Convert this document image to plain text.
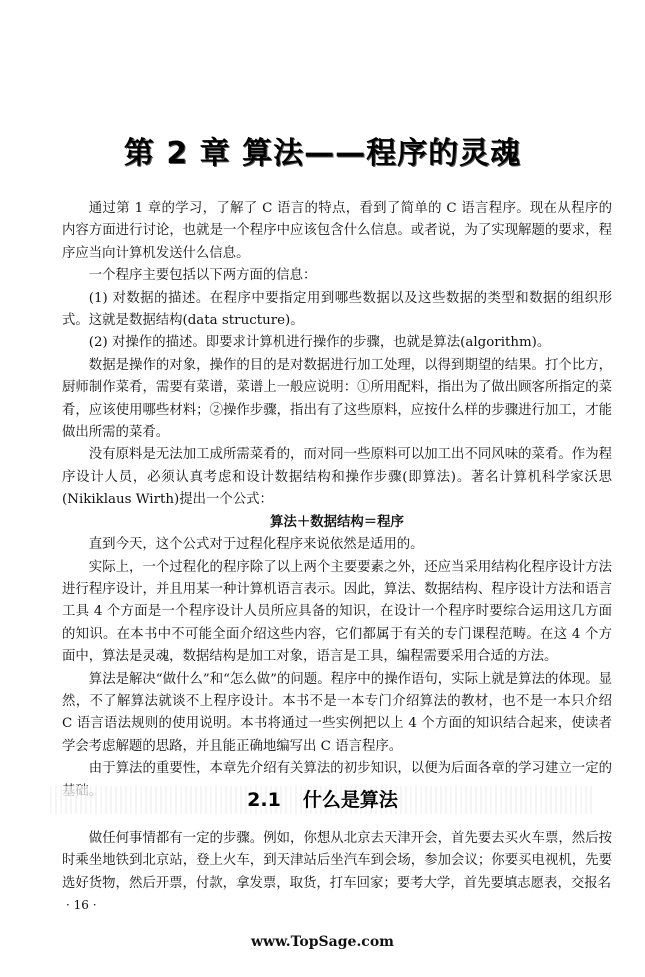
第 2 章 算法——程序的灵魂

通过第 1 章的学习，了解了 C 语言的特点，看到了简单的 C 语言程序。现在从程序的内容方面进行讨论，也就是一个程序中应该包含什么信息。或者说，为了实现解题的要求，程序应当向计算机发送什么信息。

一个程序主要包括以下两方面的信息：

(1) 对数据的描述。在程序中要指定用到哪些数据以及这些数据的类型和数据的组织形式。这就是数据结构(data structure)。

(2) 对操作的描述。即要求计算机进行操作的步骤，也就是算法(algorithm)。

数据是操作的对象，操作的目的是对数据进行加工处理，以得到期望的结果。打个比方，厨师制作菜肴，需要有菜谱，菜谱上一般应说明：①所用配料，指出为了做出顾客所指定的菜肴，应该使用哪些材料；②操作步骤，指出有了这些原料，应按什么样的步骤进行加工，才能做出所需的菜肴。

没有原料是无法加工成所需菜肴的，而对同一些原料可以加工出不同风味的菜肴。作为程序设计人员，必须认真考虑和设计数据结构和操作步骤(即算法)。著名计算机科学家沃思(Nikiklaus Wirth)提出一个公式：

算法＋数据结构＝程序

直到今天，这个公式对于过程化程序来说依然是适用的。

实际上，一个过程化的程序除了以上两个主要要素之外，还应当采用结构化程序设计方法进行程序设计，并且用某一种计算机语言表示。因此，算法、数据结构、程序设计方法和语言工具 4 个方面是一个程序设计人员所应具备的知识，在设计一个程序时要综合运用这几方面的知识。在本书中不可能全面介绍这些内容，它们都属于有关的专门课程范畴。在这 4 个方面中，算法是灵魂，数据结构是加工对象，语言是工具，编程需要采用合适的方法。

算法是解决“做什么”和“怎么做”的问题。程序中的操作语句，实际上就是算法的体现。显然，不了解算法就谈不上程序设计。本书不是一本专门介绍算法的教材，也不是一本只介绍 C 语言语法规则的使用说明。本书将通过一些实例把以上 4 个方面的知识结合起来，使读者学会考虑解题的思路，并且能正确地编写出 C 语言程序。

由于算法的重要性，本章先介绍有关算法的初步知识，以便为后面各章的学习建立一定的

2.1 什么是算法

做任何事情都有一定的步骤。例如，你想从北京去天津开会，首先要去买火车票，然后按时乘坐地铁到北京站，登上火车，到天津站后坐汽车到会场，参加会议；你要买电视机，先要选好货物，然后开票，付款，拿发票，取货，打车回家；要考大学，首先要填志愿表，交报名

· 16 ·
www.TopSage.com
